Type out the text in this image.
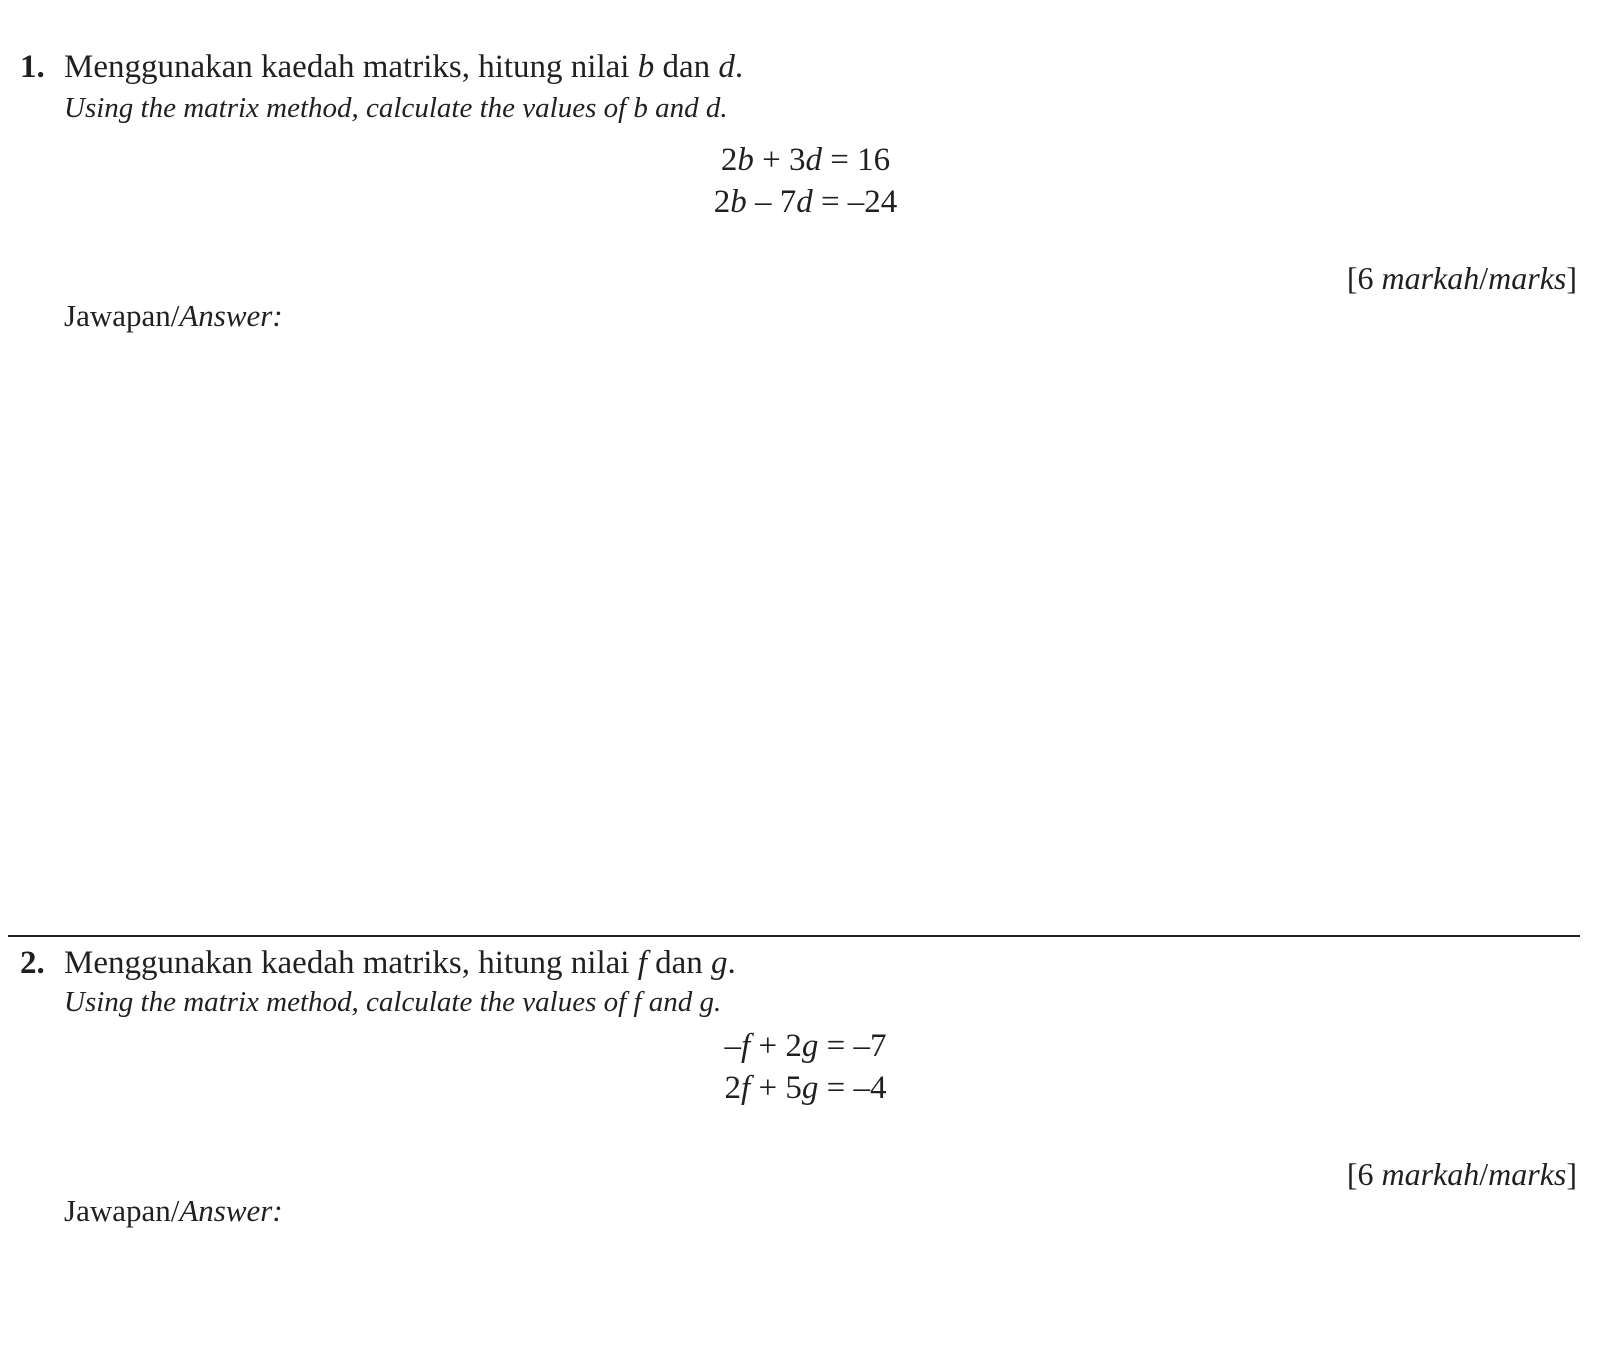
1. Menggunakan kaedah matriks, hitung nilai b dan d.
Using the matrix method, calculate the values of b and d.
2b + 3d = 16
2b – 7d = –24
[6 markah/marks]
Jawapan/Answer:
2. Menggunakan kaedah matriks, hitung nilai f dan g.
Using the matrix method, calculate the values of f and g.
–f + 2g = –7
2f + 5g = –4
[6 markah/marks]
Jawapan/Answer:
